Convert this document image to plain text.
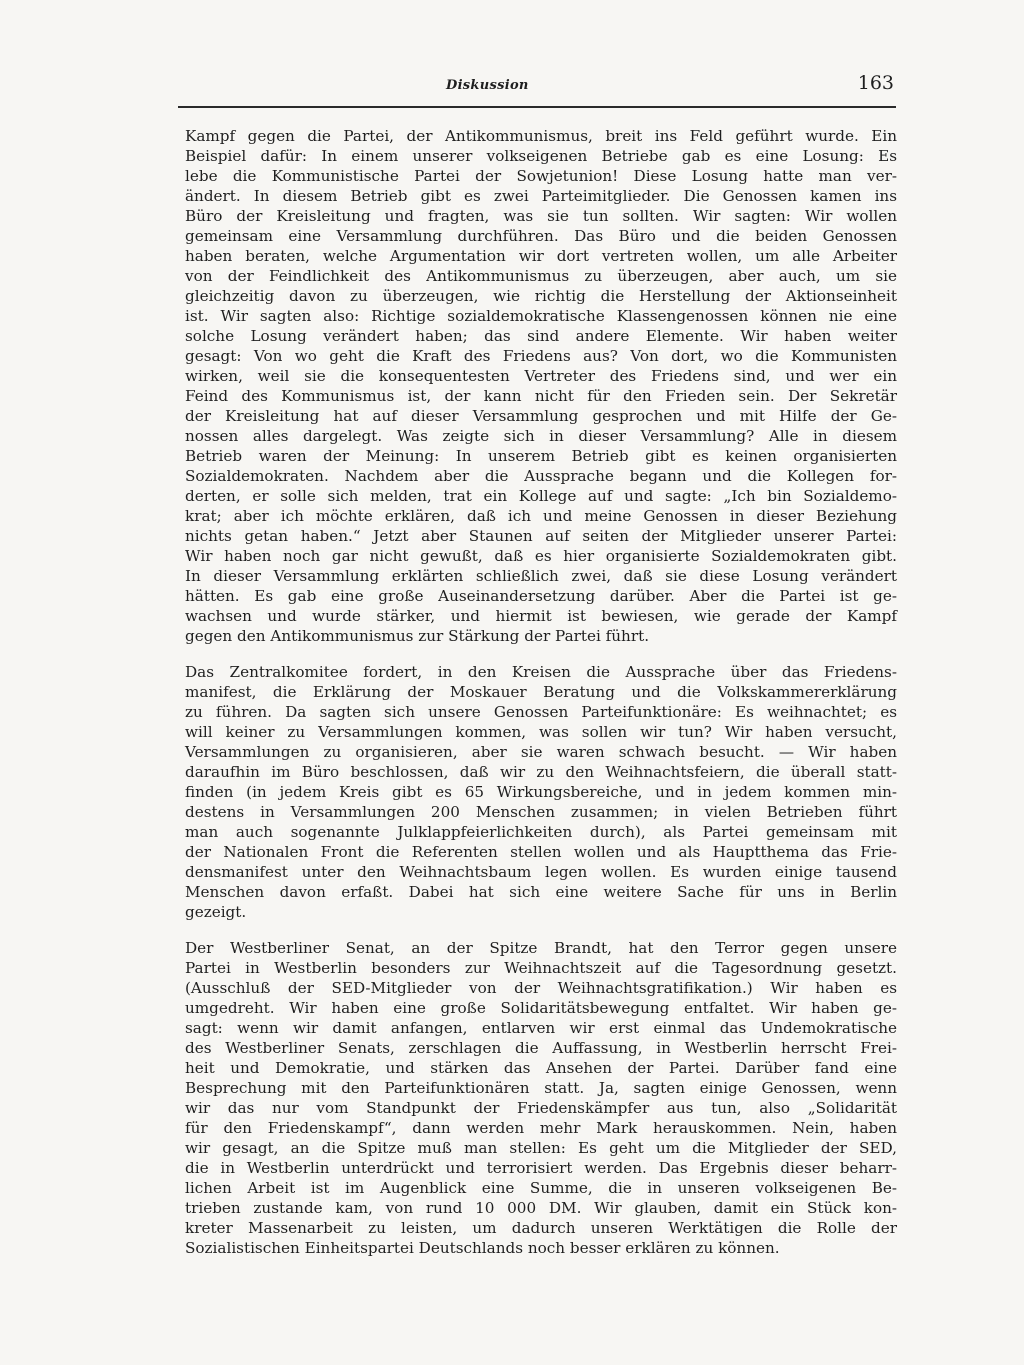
Diskussion	163

Kampf gegen die Partei, der Antikommunismus, breit ins Feld geführt wurde. Ein
Beispiel dafür: In einem unserer volkseigenen Betriebe gab es eine Losung: Es
lebe die Kommunistische Partei der Sowjetunion! Diese Losung hatte man ver-
ändert. In diesem Betrieb gibt es zwei Parteimitglieder. Die Genossen kamen ins
Büro der Kreisleitung und fragten, was sie tun sollten. Wir sagten: Wir wollen
gemeinsam eine Versammlung durchführen. Das Büro und die beiden Genossen
haben beraten, welche Argumentation wir dort vertreten wollen, um alle Arbeiter
von der Feindlichkeit des Antikommunismus zu überzeugen, aber auch, um sie
gleichzeitig davon zu überzeugen, wie richtig die Herstellung der Aktionseinheit
ist. Wir sagten also: Richtige sozialdemokratische Klassengenossen können nie eine
solche Losung verändert haben; das sind andere Elemente. Wir haben weiter
gesagt: Von wo geht die Kraft des Friedens aus? Von dort, wo die Kommunisten
wirken, weil sie die konsequentesten Vertreter des Friedens sind, und wer ein
Feind des Kommunismus ist, der kann nicht für den Frieden sein. Der Sekretär
der Kreisleitung hat auf dieser Versammlung gesprochen und mit Hilfe der Ge-
nossen alles dargelegt. Was zeigte sich in dieser Versammlung? Alle in diesem
Betrieb waren der Meinung: In unserem Betrieb gibt es keinen organisierten
Sozialdemokraten. Nachdem aber die Aussprache begann und die Kollegen for-
derten, er solle sich melden, trat ein Kollege auf und sagte: „Ich bin Sozialdemo-
krat; aber ich möchte erklären, daß ich und meine Genossen in dieser Beziehung
nichts getan haben.“ Jetzt aber Staunen auf seiten der Mitglieder unserer Partei:
Wir haben noch gar nicht gewußt, daß es hier organisierte Sozialdemokraten gibt.
In dieser Versammlung erklärten schließlich zwei, daß sie diese Losung verändert
hätten. Es gab eine große Auseinandersetzung darüber. Aber die Partei ist ge-
wachsen und wurde stärker, und hiermit ist bewiesen, wie gerade der Kampf
gegen den Antikommunismus zur Stärkung der Partei führt.

Das Zentralkomitee fordert, in den Kreisen die Aussprache über das Friedens-
manifest, die Erklärung der Moskauer Beratung und die Volkskammererklärung
zu führen. Da sagten sich unsere Genossen Parteifunktionäre: Es weihnachtet; es
will keiner zu Versammlungen kommen, was sollen wir tun? Wir haben versucht,
Versammlungen zu organisieren, aber sie waren schwach besucht. — Wir haben
daraufhin im Büro beschlossen, daß wir zu den Weihnachtsfeiern, die überall statt-
finden (in jedem Kreis gibt es 65 Wirkungsbereiche, und in jedem kommen min-
destens in Versammlungen 200 Menschen zusammen; in vielen Betrieben führt
man auch sogenannte Julklappfeierlichkeiten durch), als Partei gemeinsam mit
der Nationalen Front die Referenten stellen wollen und als Hauptthema das Frie-
densmanifest unter den Weihnachtsbaum legen wollen. Es wurden einige tausend
Menschen davon erfaßt. Dabei hat sich eine weitere Sache für uns in Berlin
gezeigt.

Der Westberliner Senat, an der Spitze Brandt, hat den Terror gegen unsere
Partei in Westberlin besonders zur Weihnachtszeit auf die Tagesordnung gesetzt.
(Ausschluß der SED-Mitglieder von der Weihnachtsgratifikation.) Wir haben es
umgedreht. Wir haben eine große Solidaritätsbewegung entfaltet. Wir haben ge-
sagt: wenn wir damit anfangen, entlarven wir erst einmal das Undemokratische
des Westberliner Senats, zerschlagen die Auffassung, in Westberlin herrscht Frei-
heit und Demokratie, und stärken das Ansehen der Partei. Darüber fand eine
Besprechung mit den Parteifunktionären statt. Ja, sagten einige Genossen, wenn
wir das nur vom Standpunkt der Friedenskämpfer aus tun, also „Solidarität
für den Friedenskampf“, dann werden mehr Mark herauskommen. Nein, haben
wir gesagt, an die Spitze muß man stellen: Es geht um die Mitglieder der SED,
die in Westberlin unterdrückt und terrorisiert werden. Das Ergebnis dieser beharr-
lichen Arbeit ist im Augenblick eine Summe, die in unseren volkseigenen Be-
trieben zustande kam, von rund 10 000 DM. Wir glauben, damit ein Stück kon-
kreter Massenarbeit zu leisten, um dadurch unseren Werktätigen die Rolle der
Sozialistischen Einheitspartei Deutschlands noch besser erklären zu können.
